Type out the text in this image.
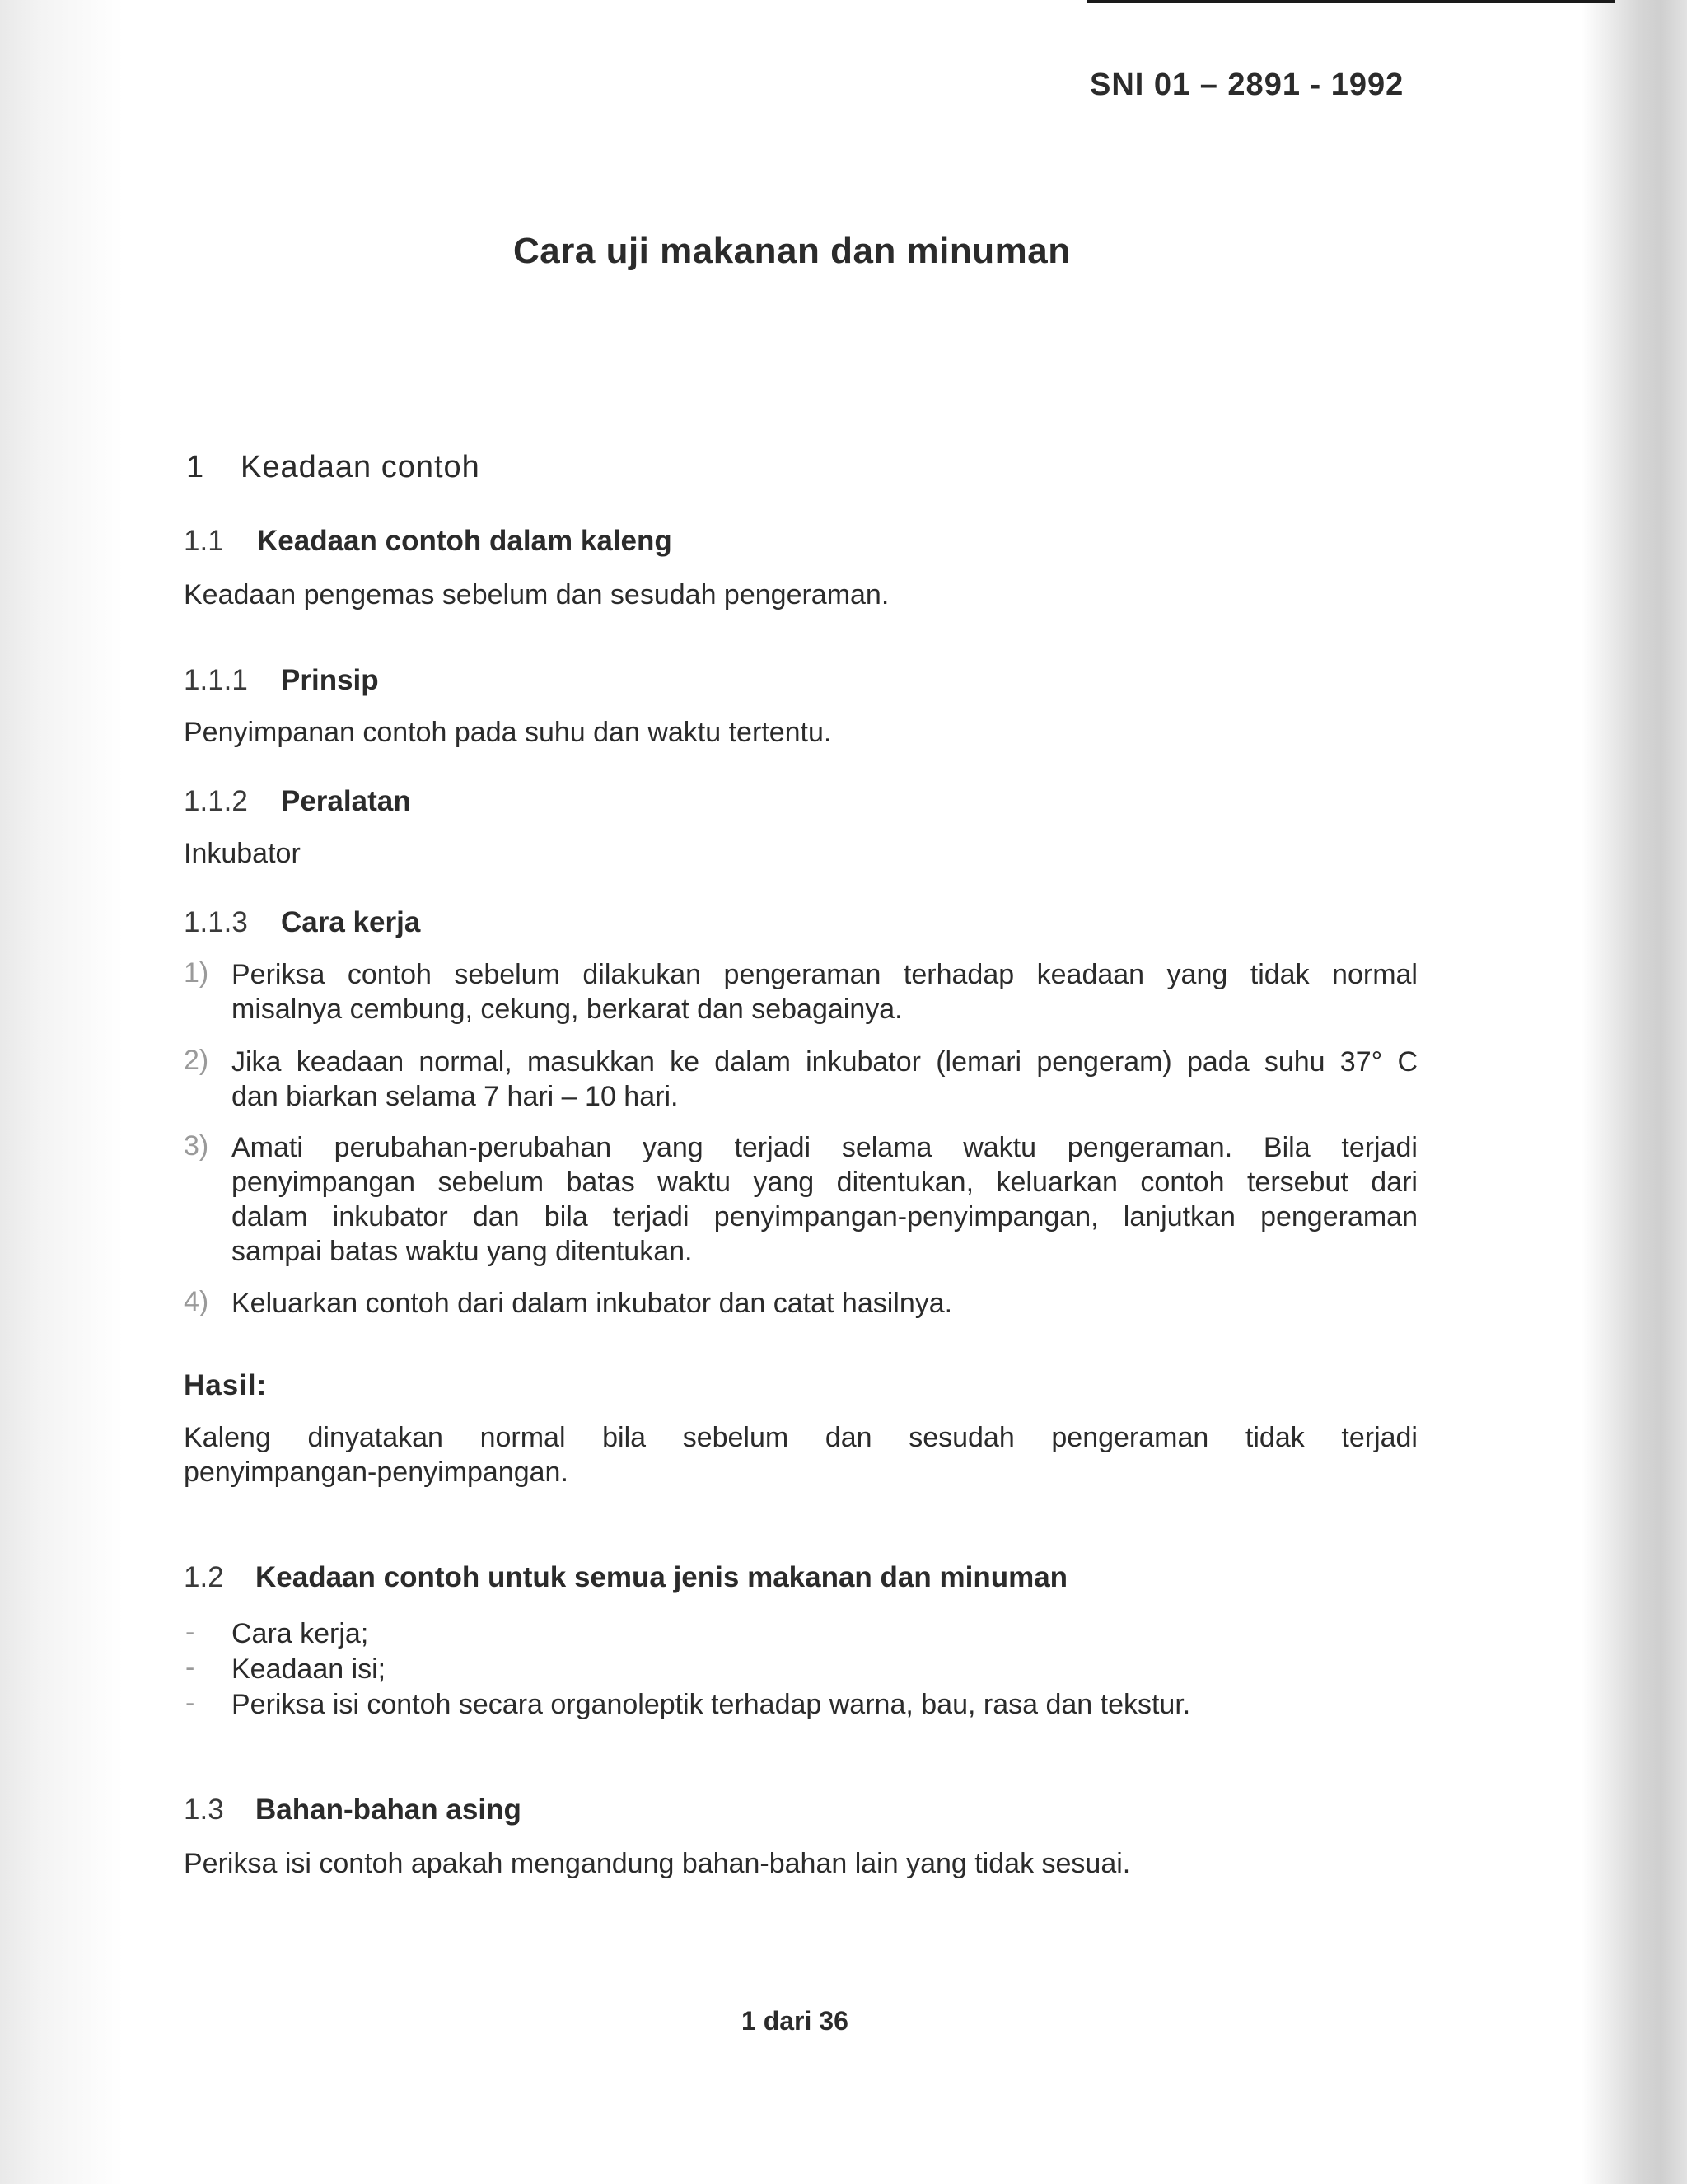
SNI 01 – 2891 - 1992
Cara uji makanan dan minuman
1 Keadaan contoh
1.1 Keadaan contoh dalam kaleng
Keadaan pengemas sebelum dan sesudah pengeraman.
1.1.1 Prinsip
Penyimpanan contoh pada suhu dan waktu tertentu.
1.1.2 Peralatan
Inkubator
1.1.3 Cara kerja
1) Periksa contoh sebelum dilakukan pengeraman terhadap keadaan yang tidak normal
misalnya cembung, cekung, berkarat dan sebagainya.
2) Jika keadaan normal, masukkan ke dalam inkubator (lemari pengeram) pada suhu 37° C
dan biarkan selama 7 hari – 10 hari.
3) Amati perubahan-perubahan yang terjadi selama waktu pengeraman. Bila terjadi
penyimpangan sebelum batas waktu yang ditentukan, keluarkan contoh tersebut dari
dalam inkubator dan bila terjadi penyimpangan-penyimpangan, lanjutkan pengeraman
sampai batas waktu yang ditentukan.
4) Keluarkan contoh dari dalam inkubator dan catat hasilnya.
Hasil:
Kaleng dinyatakan normal bila sebelum dan sesudah pengeraman tidak terjadi
penyimpangan-penyimpangan.
1.2 Keadaan contoh untuk semua jenis makanan dan minuman
- Cara kerja;
- Keadaan isi;
- Periksa isi contoh secara organoleptik terhadap warna, bau, rasa dan tekstur.
1.3 Bahan-bahan asing
Periksa isi contoh apakah mengandung bahan-bahan lain yang tidak sesuai.
1 dari 36
